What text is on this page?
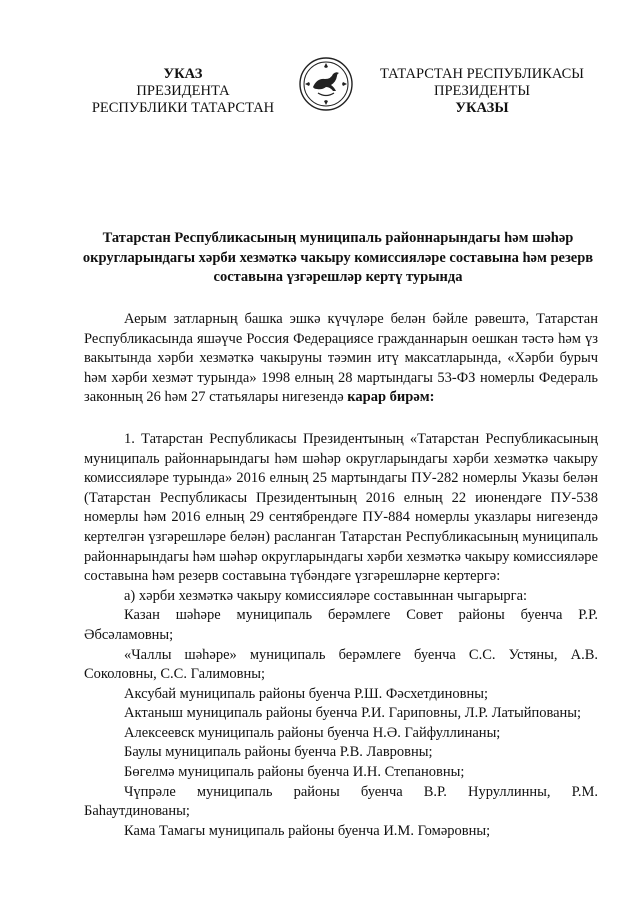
УКАЗ
ПРЕЗИДЕНТА
РЕСПУБЛИКИ ТАТАРСТАН
ТАТАРСТАН РЕСПУБЛИКАСЫ
ПРЕЗИДЕНТЫ
УКАЗЫ
Татарстан Республикасының муниципаль районнарындагы һәм шәһәр округларындагы хәрби хезмәткә чакыру комиссияләре составына һәм резерв составына үзгәрешләр кертү турында

Аерым затларның башка эшкә күчүләре белән бәйле рәвештә, Татарстан Республикасында яшәүче Россия Федерациясе гражданнарын оешкан тәстә һәм үз вакытында хәрби хезмәткә чакыруны тәэмин итү максатларында, «Хәрби бурыч һәм хәрби хезмәт турында» 1998 елның 28 мартындагы 53-ФЗ номерлы Федераль законның 26 һәм 27 статьялары нигезендә карар бирәм:

1. Татарстан Республикасы Президентының «Татарстан Республикасының муниципаль районнарындагы һәм шәһәр округларындагы хәрби хезмәткә чакыру комиссияләре турында» 2016 елның 25 мартындагы ПУ-282 номерлы Указы белән (Татарстан Республикасы Президентының 2016 елның 22 июнендәге ПУ-538 номерлы һәм 2016 елның 29 сентябрендәге ПУ-884 номерлы указлары нигезендә кертелгән үзгәрешләре белән) расланган Татарстан Республикасының муниципаль районнарындагы һәм шәһәр округларындагы хәрби хезмәткә чакыру комиссияләре составына һәм резерв составына түбәндәге үзгәрешләрне кертергә:

а) хәрби хезмәткә чакыру комиссияләре составыннан чыгарырга:

Казан шәһәре муниципаль берәмлеге Совет районы буенча Р.Р. Әбсәламовны;

«Чаллы шәһәре» муниципаль берәмлеге буенча С.С. Устяны, А.В. Соколовны, С.С. Галимовны;

Аксубай муниципаль районы буенча Р.Ш. Фәсхетдиновны;

Актаныш муниципаль районы буенча Р.И. Гариповны, Л.Р. Латыйпованы;

Алексеевск муниципаль районы буенча Н.Ә. Гайфуллинаны;

Баулы муниципаль районы буенча Р.В. Лавровны;

Бөгелмә муниципаль районы буенча И.Н. Степановны;

Чүпрәле муниципаль районы буенча В.Р. Нуруллинны, Р.М. Баһаутдинованы;

Кама Тамагы муниципаль районы буенча И.М. Гомәровны;
